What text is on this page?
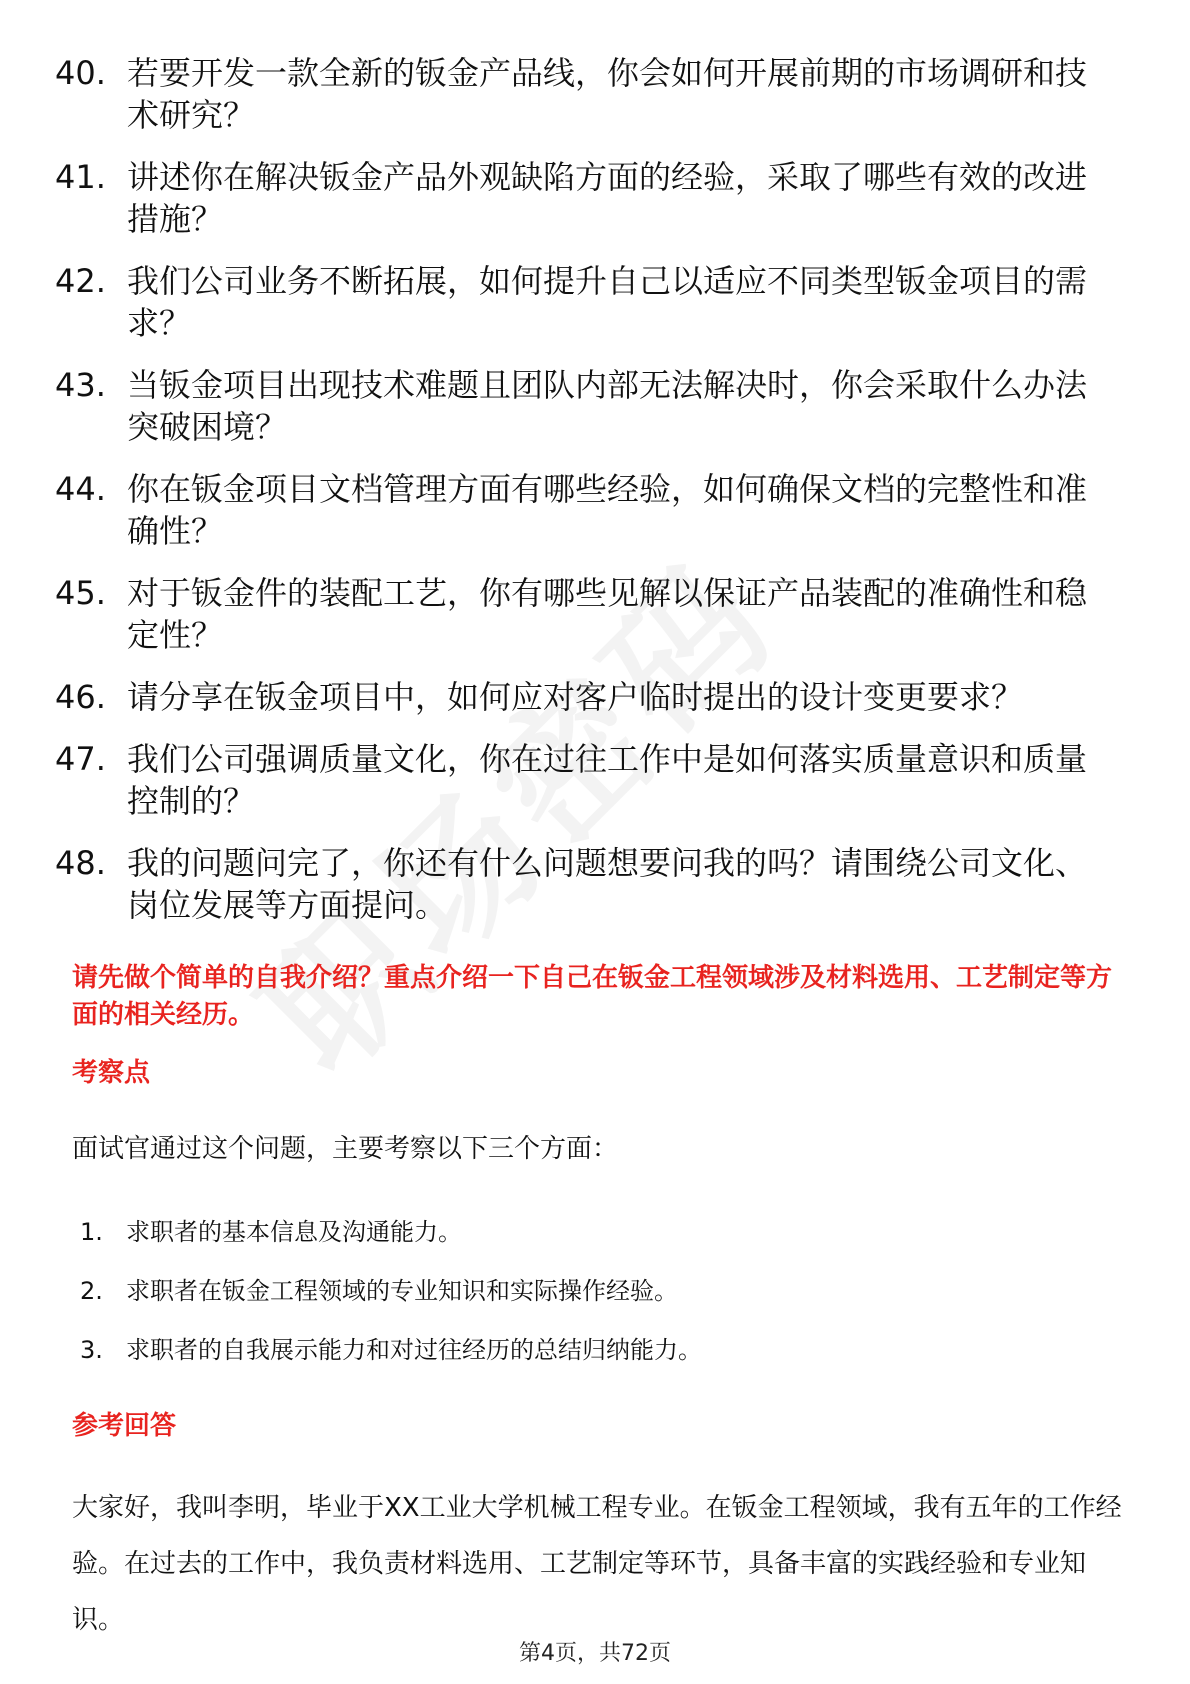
40. 若要开发一款全新的钣金产品线，你会如何开展前期的市场调研和技术研究？
41. 讲述你在解决钣金产品外观缺陷方面的经验，采取了哪些有效的改进措施？
42. 我们公司业务不断拓展，如何提升自己以适应不同类型钣金项目的需求？
43. 当钣金项目出现技术难题且团队内部无法解决时，你会采取什么办法突破困境？
44. 你在钣金项目文档管理方面有哪些经验，如何确保文档的完整性和准确性？
45. 对于钣金件的装配工艺，你有哪些见解以保证产品装配的准确性和稳定性？
46. 请分享在钣金项目中，如何应对客户临时提出的设计变更要求？
47. 我们公司强调质量文化，你在过往工作中是如何落实质量意识和质量控制的？
48. 我的问题问完了，你还有什么问题想要问我的吗？请围绕公司文化、岗位发展等方面提问。

请先做个简单的自我介绍？重点介绍一下自己在钣金工程领域涉及材料选用、工艺制定等方面的相关经历。

考察点

面试官通过这个问题，主要考察以下三个方面：

1. 求职者的基本信息及沟通能力。
2. 求职者在钣金工程领域的专业知识和实际操作经验。
3. 求职者的自我展示能力和对过往经历的总结归纳能力。
参考回答

大家好，我叫李明，毕业于XX工业大学机械工程专业。在钣金工程领域，我有五年的工作经验。在过去的工作中，我负责材料选用、工艺制定等环节，具备丰富的实践经验和专业知识。

第4页，共72页
